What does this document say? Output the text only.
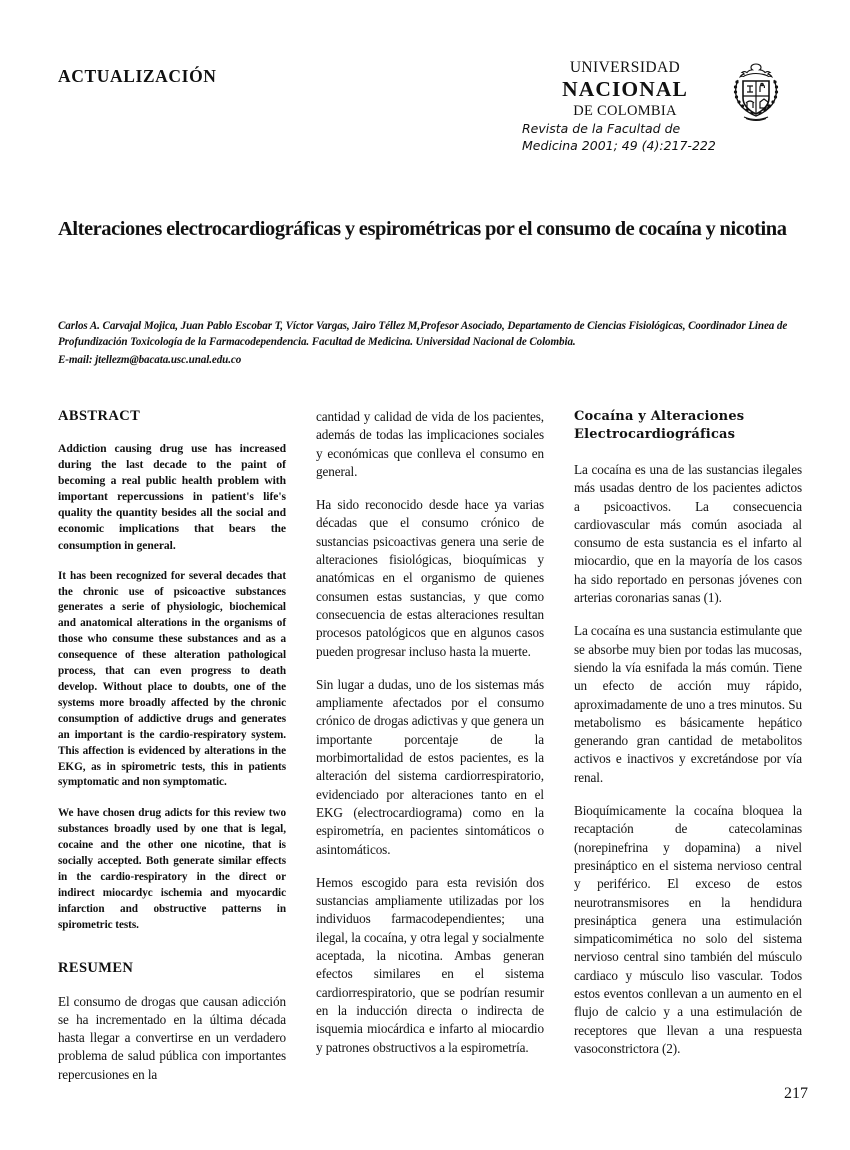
ACTUALIZACIÓN	UNIVERSIDAD
NACIONAL
DE COLOMBIA
Revista de la Facultad de
Medicina 2001; 49 (4):217-222
Alteraciones electrocardiográficas y espirométricas por el consumo de cocaína y nicotina
Carlos A. Carvajal Mojica, Juan Pablo Escobar T, Víctor Vargas, Jairo Téllez M,Profesor Asociado, Departamento de Ciencias Fisiológicas, Coordinador Linea de Profundización Toxicología de la Farmacodependencia. Facultad de Medicina. Universidad Nacional de Colombia.
E-mail: jtellezm@bacata.usc.unal.edu.co
ABSTRACT

Addiction causing drug use has increased during the last decade to the paint of becoming a real public health problem with important repercussions in patient's life's quality the quantity besides all the social and economic implications that bears the consumption in general.

It has been recognized for several decades that the chronic use of psicoactive substances generates a serie of physiologic, biochemical and anatomical alterations in the organisms of those who consume these substances and as a consequence of these alteration pathological process, that can even progress to death develop. Without place to doubts, one of the systems more broadly affected by the chronic consumption of addictive drugs and generates an important is the cardio-respiratory system. This affection is evidenced by alterations in the EKG, as in spirometric tests, this in patients symptomatic and non symptomatic.

We have chosen drug adicts for this review two substances broadly used by one that is legal, cocaine and the other one nicotine, that is socially accepted. Both generate similar effects in the cardio-respiratory in the direct or indirect miocardyc ischemia and myocardic infarction and obstructive patterns in spirometric tests.

RESUMEN

El consumo de drogas que causan adicción se ha incrementado en la última década hasta llegar a convertirse en un verdadero problema de salud pública con importantes repercusiones en la

cantidad y calidad de vida de los pacientes, además de todas las implicaciones sociales y económicas que conlleva el consumo en general.

Ha sido reconocido desde hace ya varias décadas que el consumo crónico de sustancias psicoactivas genera una serie de alteraciones fisiológicas, bioquímicas y anatómicas en el organismo de quienes consumen estas sustancias, y que como consecuencia de estas alteraciones resultan procesos patológicos que en algunos casos pueden progresar incluso hasta la muerte.

Sin lugar a dudas, uno de los sistemas más ampliamente afectados por el consumo crónico de drogas adictivas y que genera un importante porcentaje de la morbimortalidad de estos pacientes, es la alteración del sistema cardiorrespiratorio, evidenciado por alteraciones tanto en el EKG (electrocardiograma) como en la espirometría, en pacientes sintomáticos o asintomáticos.

Hemos escogido para esta revisión dos sustancias ampliamente utilizadas por los individuos farmacodependientes; una ilegal, la cocaína, y otra legal y socialmente aceptada, la nicotina. Ambas generan efectos similares en el sistema cardiorrespiratorio, que se podrían resumir en la inducción directa o indirecta de isquemia miocárdica e infarto al miocardio y patrones obstructivos a la espirometría.

Cocaína y Alteraciones Electrocardiográficas

La cocaína es una de las sustancias ilegales más usadas dentro de los pacientes adictos a psicoactivos. La consecuencia cardiovascular más común asociada al consumo de esta sustancia es el infarto al miocardio, que en la mayoría de los casos ha sido reportado en personas jóvenes con arterias coronarias sanas (1).

La cocaína es una sustancia estimulante que se absorbe muy bien por todas las mucosas, siendo la vía esnifada la más común. Tiene un efecto de acción muy rápido, aproximadamente de uno a tres minutos. Su metabolismo es básicamente hepático generando gran cantidad de metabolitos activos e inactivos y excretándose por vía renal.

Bioquímicamente la cocaína bloquea la recaptación de catecolaminas (norepinefrina y dopamina) a nivel presináptico en el sistema nervioso central y periférico. El exceso de estos neurotransmisores en la hendidura presináptica genera una estimulación simpaticomimética no solo del sistema nervioso central sino también del músculo cardiaco y músculo liso vascular. Todos estos eventos conllevan a un aumento en el flujo de calcio y a una estimulación de receptores que llevan a una respuesta vasoconstrictora (2).

217
